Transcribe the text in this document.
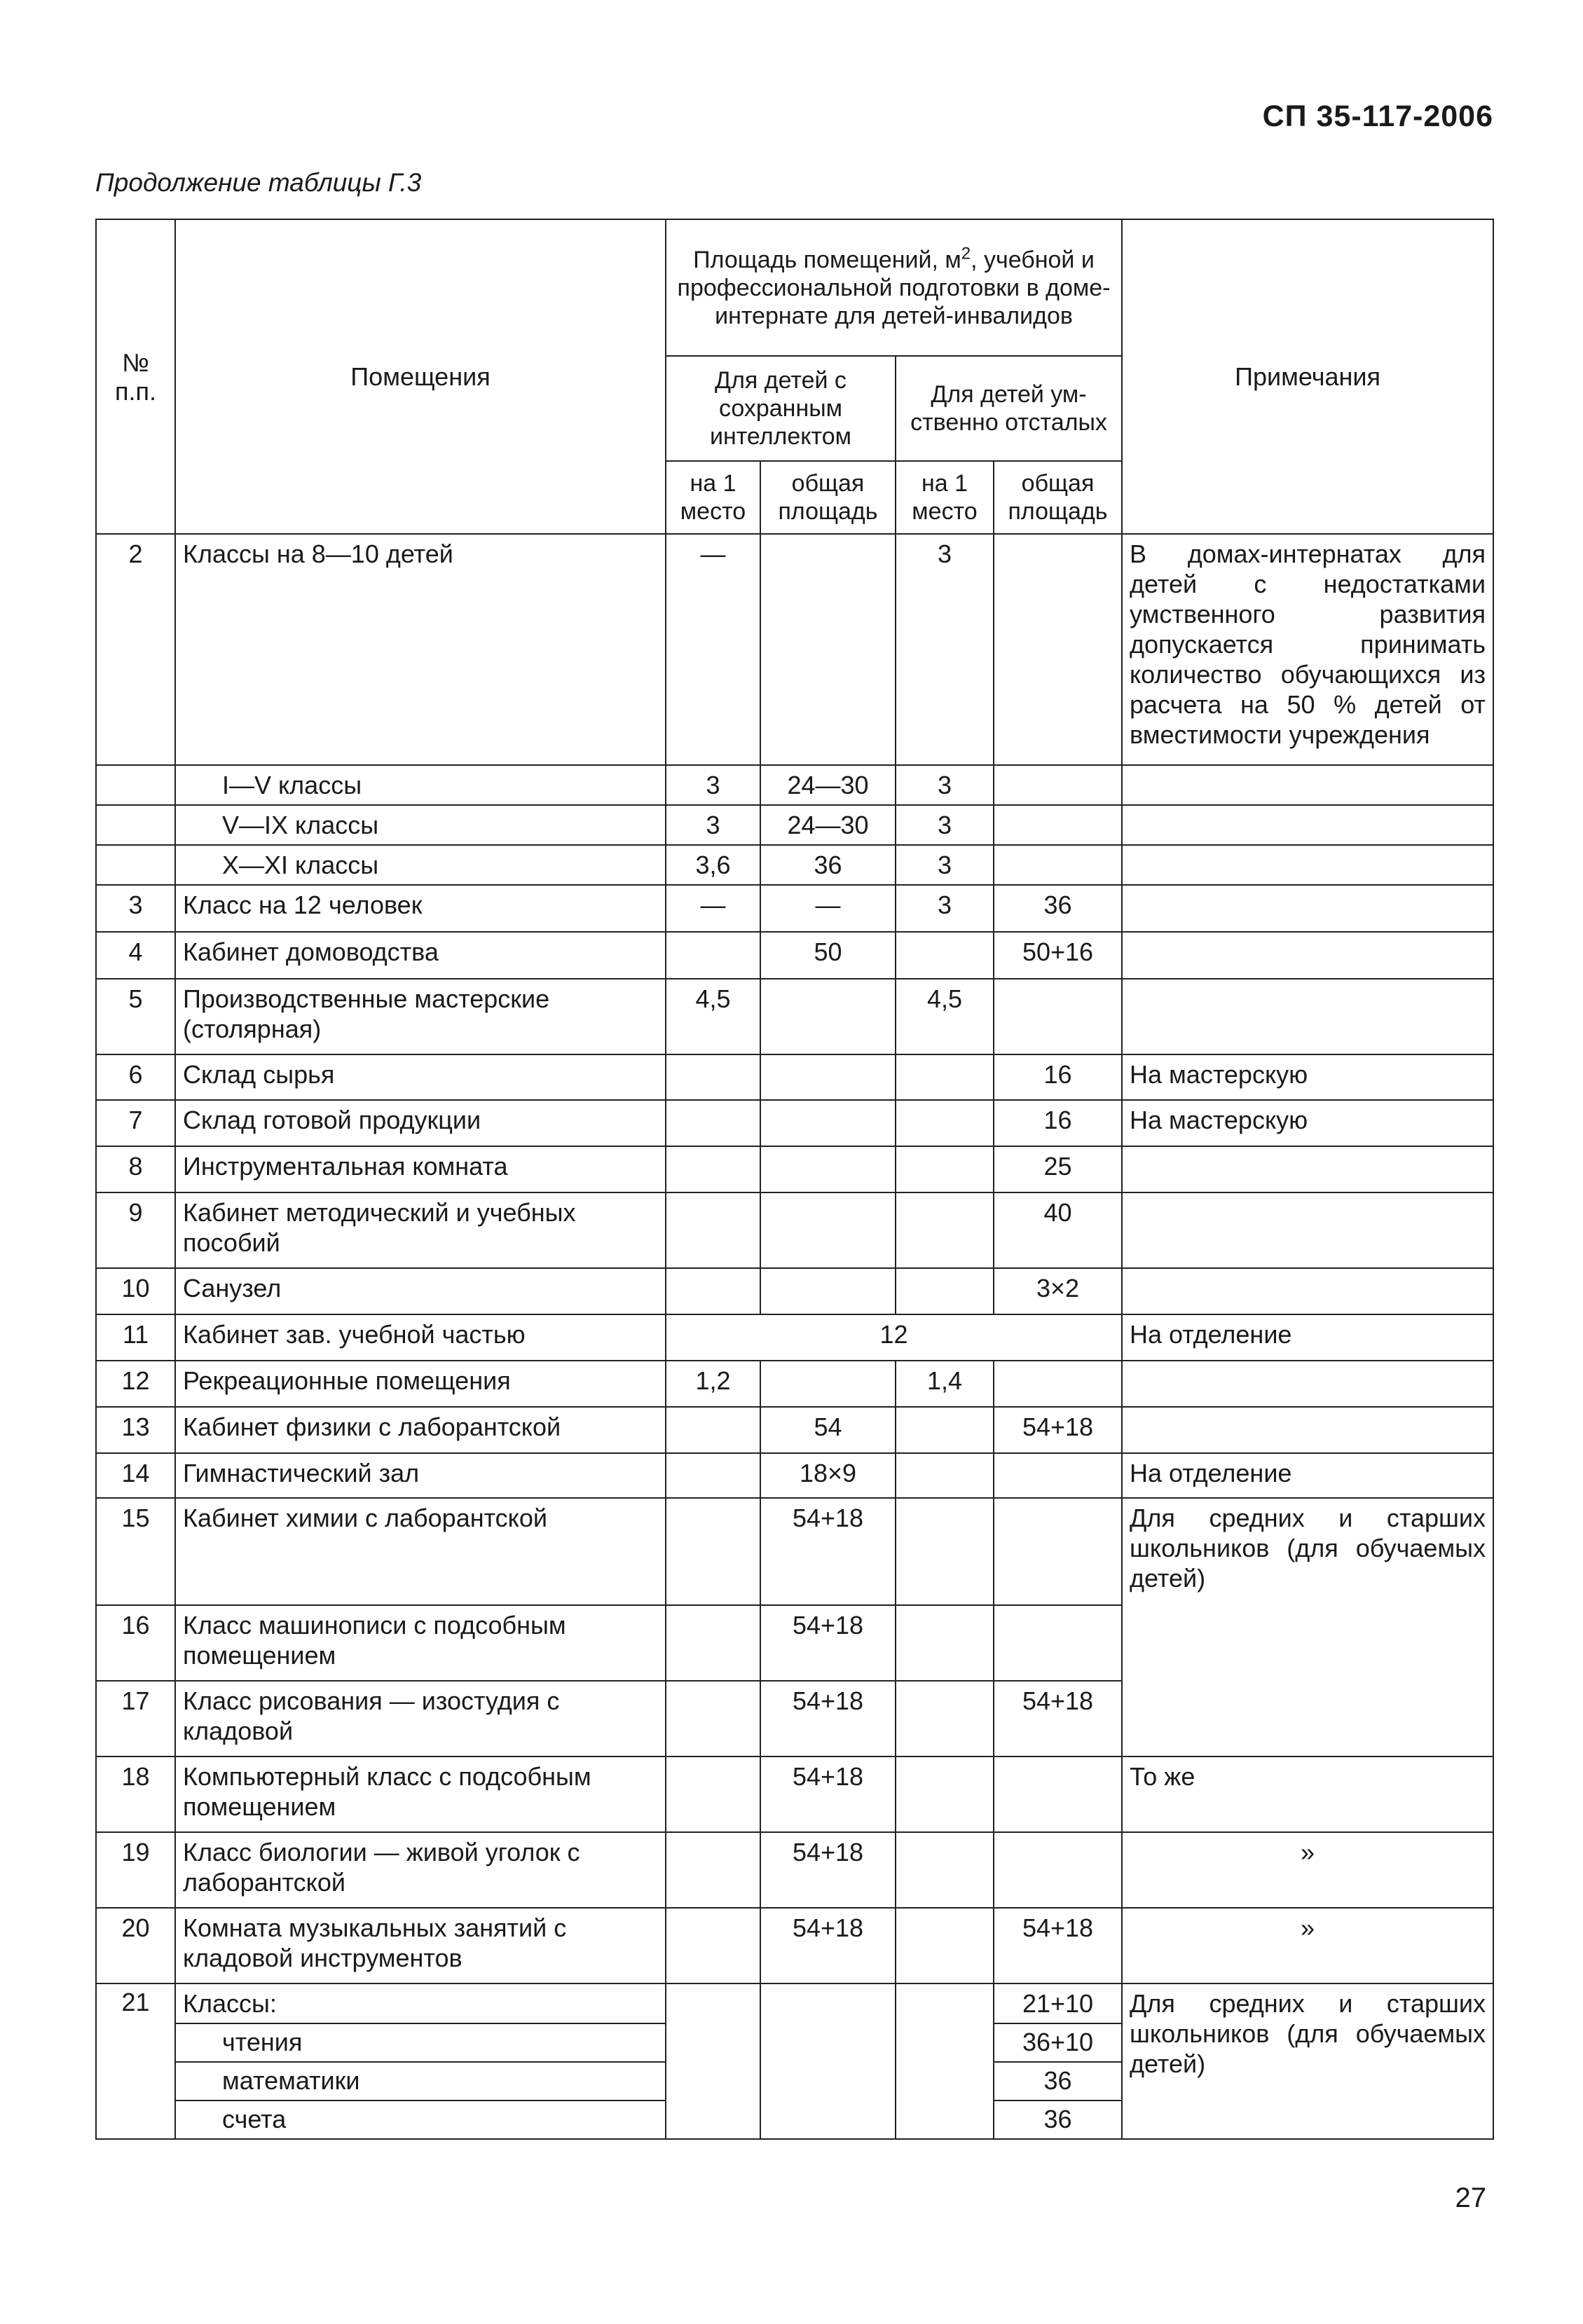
СП 35-117-2006
Продолжение таблицы Г.3
№ п.п.	Помещения	Площадь помещений, $м^2$, учебной и профессиональной подготовки в доме-интернате для детей-инвалидов				Примечания
		Для детей с сохранным интеллектом		Для детей ум-ственно отсталых		
		на 1 место	общая площадь	на 1 место	общая площадь	
2	Классы на 8—10 детей	—		3		В домах-интернатах для детей с недостатками умственного развития допускается принимать количество обучающихся из расчета на 50 % детей от вместимости учреждения
	I—V классы	3	24—30	3		
	V—IX классы	3	24—30	3		
	X—XI классы	3,6	36	3		
3	Класс на 12 человек	—	—	3	36	
4	Кабинет домоводства		50		50+16	
5	Производственные мастерские (столярная)	4,5		4,5		
6	Склад сырья				16	На мастерскую
7	Склад готовой продукции				16	На мастерскую
8	Инструментальная комната				25	
9	Кабинет методический и учебных пособий				40	
10	Санузел				3×2	
11	Кабинет зав. учебной частью	12				На отделение
12	Рекреационные помещения	1,2		1,4		
13	Кабинет физики с лаборантской		54		54+18	
14	Гимнастический зал		18×9			На отделение
15	Кабинет химии с лаборантской		54+18			Для средних и старших школьников (для обучаемых детей)
16	Класс машинописи с подсобным помещением		54+18			
17	Класс рисования — изостудия с кладовой		54+18		54+18	
18	Компьютерный класс с подсобным помещением		54+18			То же
19	Класс биологии — живой уголок с лаборантской		54+18			»
20	Комната музыкальных занятий с кладовой инструментов		54+18		54+18	»
21	Классы:				21+10	Для средних и старших школьников (для обучаемых детей)
	чтения				36+10	
	математики				36	
	счета				36	
27
